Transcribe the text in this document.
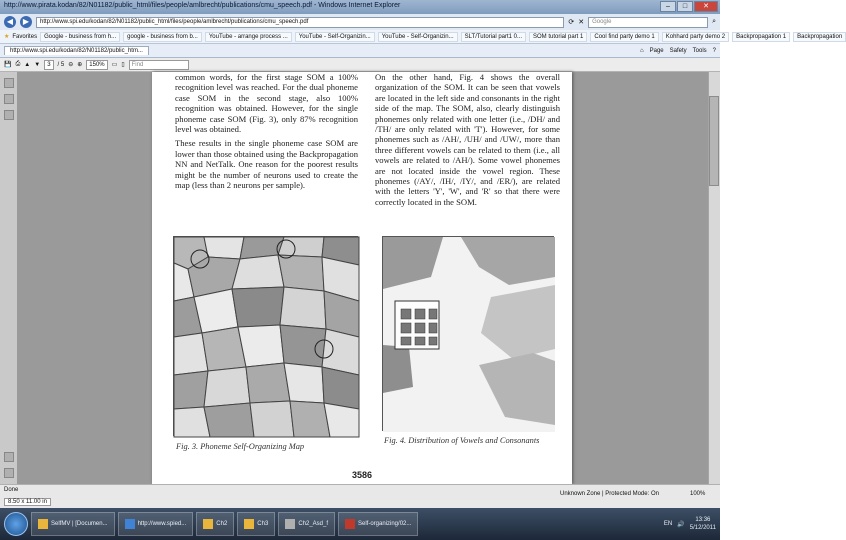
http://www.pirata.kodan/82/N01182/public_html/files/people/amlbrecht/publications/cmu_speech.pdf - Windows Internet Explorer	–	□	✕
◀	▶	http://www.spi.edu/kodan/82/N01182/public_html/files/people/amlbrecht/publications/cmu_speech.pdf	⟳ ✕	Google	⌕
★ Favorites	Google - business from h...	google - business from b...	YouTube - arrange process ...	YouTube - Self-Organizin...	YouTube - Self-Organizin...	SLT/Tutorial part1 0...	SOM tutorial part 1	Cool find party demo 1	Kohhard party demo 2	Backpropagation 1	Backpropagation
http://www.spi.edu/kodan/82/N01182/public_htm...	⌂ Page Safety Tools ?
💾 ⎙ ▲ ▼	3	/ 5 ⊖ ⊕	150%	▭ ▯	Find

common words, for the first stage SOM a 100% recognition level was reached. For the dual phoneme case SOM in the second stage, also 100% recognition was obtained. However, for the single phoneme case SOM (Fig. 3), only 87% recognition level was obtained.

These results in the single phoneme case SOM are lower than those obtained using the Backpropagation NN and NetTalk. One reason for the poorest results might be the number of neurons used to create the map (less than 2 neurons per sample).

On the other hand, Fig. 4 shows the overall organization of the SOM. It can be seen that vowels are located in the left side and consonants in the right side of the map. The SOM, also, clearly distinguish phonemes only related with one letter (i.e., /DH/ and /TH/ are only related with 'T'). However, for some phonemes such as /AH/, /UH/ and /UW/, more than three different vowels can be related to them (i.e., all vowels are related to /AH/). Some vowel phonemes are not located inside the vowel region. These phonemes (/AY/, /IH/, /IY/, and /ER/), are related with the letters 'Y', 'W', and 'R' so that there were correctly located in the SOM.

Fig. 3. Phoneme Self-Organizing Map
Fig. 4. Distribution of Vowels and Consonants
3586
Done
8.50 x 11.00 in
Unknown Zone | Protected Mode: On	100%
SelfMV | [Documen...	http://www.spied...	Ch2	Ch3	Ch2_Asd_f	Self-organizing/02...	EN 🔊
13:36
5/12/2011
